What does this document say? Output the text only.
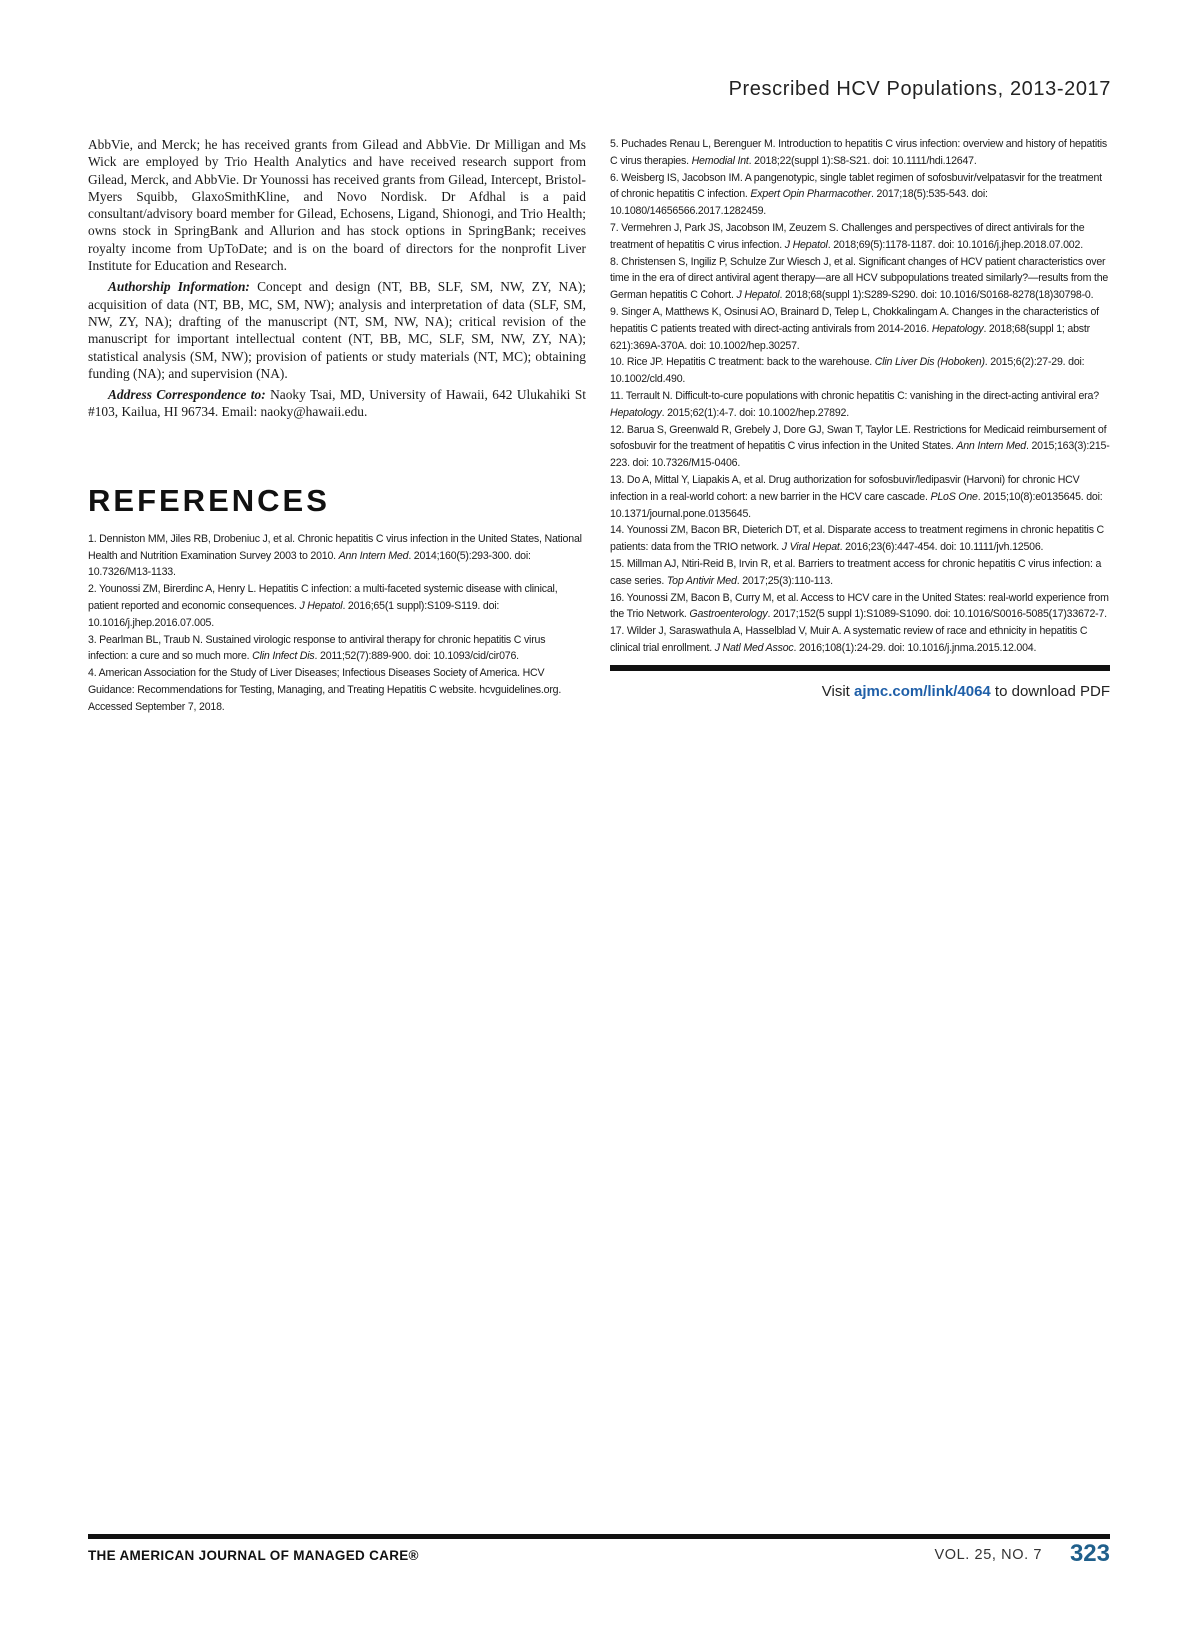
Prescribed HCV Populations, 2013-2017

AbbVie, and Merck; he has received grants from Gilead and AbbVie. Dr Milligan and Ms Wick are employed by Trio Health Analytics and have received research support from Gilead, Merck, and AbbVie. Dr Younossi has received grants from Gilead, Intercept, Bristol-Myers Squibb, GlaxoSmithKline, and Novo Nordisk. Dr Afdhal is a paid consultant/advisory board member for Gilead, Echosens, Ligand, Shionogi, and Trio Health; owns stock in SpringBank and Allurion and has stock options in SpringBank; receives royalty income from UpToDate; and is on the board of directors for the nonprofit Liver Institute for Education and Research.

Authorship Information: Concept and design (NT, BB, SLF, SM, NW, ZY, NA); acquisition of data (NT, BB, MC, SM, NW); analysis and interpretation of data (SLF, SM, NW, ZY, NA); drafting of the manuscript (NT, SM, NW, NA); critical revision of the manuscript for important intellectual content (NT, BB, MC, SLF, SM, NW, ZY, NA); statistical analysis (SM, NW); provision of patients or study materials (NT, MC); obtaining funding (NA); and supervision (NA).

Address Correspondence to: Naoky Tsai, MD, University of Hawaii, 642 Ulukahiki St #103, Kailua, HI 96734. Email: naoky@hawaii.edu.

REFERENCES
1. Denniston MM, Jiles RB, Drobeniuc J, et al. Chronic hepatitis C virus infection in the United States, National Health and Nutrition Examination Survey 2003 to 2010. Ann Intern Med. 2014;160(5):293-300. doi: 10.7326/M13-1133.
2. Younossi ZM, Birerdinc A, Henry L. Hepatitis C infection: a multi-faceted systemic disease with clinical, patient reported and economic consequences. J Hepatol. 2016;65(1 suppl):S109-S119. doi: 10.1016/j.jhep.2016.07.005.
3. Pearlman BL, Traub N. Sustained virologic response to antiviral therapy for chronic hepatitis C virus infection: a cure and so much more. Clin Infect Dis. 2011;52(7):889-900. doi: 10.1093/cid/cir076.
4. American Association for the Study of Liver Diseases; Infectious Diseases Society of America. HCV Guidance: Recommendations for Testing, Managing, and Treating Hepatitis C website. hcvguidelines.org. Accessed September 7, 2018.
5. Puchades Renau L, Berenguer M. Introduction to hepatitis C virus infection: overview and history of hepatitis C virus therapies. Hemodial Int. 2018;22(suppl 1):S8-S21. doi: 10.1111/hdi.12647.
6. Weisberg IS, Jacobson IM. A pangenotypic, single tablet regimen of sofosbuvir/velpatasvir for the treatment of chronic hepatitis C infection. Expert Opin Pharmacother. 2017;18(5):535-543. doi: 10.1080/14656566.2017.1282459.
7. Vermehren J, Park JS, Jacobson IM, Zeuzem S. Challenges and perspectives of direct antivirals for the treatment of hepatitis C virus infection. J Hepatol. 2018;69(5):1178-1187. doi: 10.1016/j.jhep.2018.07.002.
8. Christensen S, Ingiliz P, Schulze Zur Wiesch J, et al. Significant changes of HCV patient characteristics over time in the era of direct antiviral agent therapy—are all HCV subpopulations treated similarly?—results from the German hepatitis C Cohort. J Hepatol. 2018;68(suppl 1):S289-S290. doi: 10.1016/S0168-8278(18)30798-0.
9. Singer A, Matthews K, Osinusi AO, Brainard D, Telep L, Chokkalingam A. Changes in the characteristics of hepatitis C patients treated with direct-acting antivirals from 2014-2016. Hepatology. 2018;68(suppl 1; abstr 621):369A-370A. doi: 10.1002/hep.30257.
10. Rice JP. Hepatitis C treatment: back to the warehouse. Clin Liver Dis (Hoboken). 2015;6(2):27-29. doi: 10.1002/cld.490.
11. Terrault N. Difficult-to-cure populations with chronic hepatitis C: vanishing in the direct-acting antiviral era? Hepatology. 2015;62(1):4-7. doi: 10.1002/hep.27892.
12. Barua S, Greenwald R, Grebely J, Dore GJ, Swan T, Taylor LE. Restrictions for Medicaid reimbursement of sofosbuvir for the treatment of hepatitis C virus infection in the United States. Ann Intern Med. 2015;163(3):215-223. doi: 10.7326/M15-0406.
13. Do A, Mittal Y, Liapakis A, et al. Drug authorization for sofosbuvir/ledipasvir (Harvoni) for chronic HCV infection in a real-world cohort: a new barrier in the HCV care cascade. PLoS One. 2015;10(8):e0135645. doi: 10.1371/journal.pone.0135645.
14. Younossi ZM, Bacon BR, Dieterich DT, et al. Disparate access to treatment regimens in chronic hepatitis C patients: data from the TRIO network. J Viral Hepat. 2016;23(6):447-454. doi: 10.1111/jvh.12506.
15. Millman AJ, Ntiri-Reid B, Irvin R, et al. Barriers to treatment access for chronic hepatitis C virus infection: a case series. Top Antivir Med. 2017;25(3):110-113.
16. Younossi ZM, Bacon B, Curry M, et al. Access to HCV care in the United States: real-world experience from the Trio Network. Gastroenterology. 2017;152(5 suppl 1):S1089-S1090. doi: 10.1016/S0016-5085(17)33672-7.
17. Wilder J, Saraswathula A, Hasselblad V, Muir A. A systematic review of race and ethnicity in hepatitis C clinical trial enrollment. J Natl Med Assoc. 2016;108(1):24-29. doi: 10.1016/j.jnma.2015.12.004.
Visit ajmc.com/link/4064 to download PDF
THE AMERICAN JOURNAL OF MANAGED CARE®	VOL. 25, NO. 7 323
